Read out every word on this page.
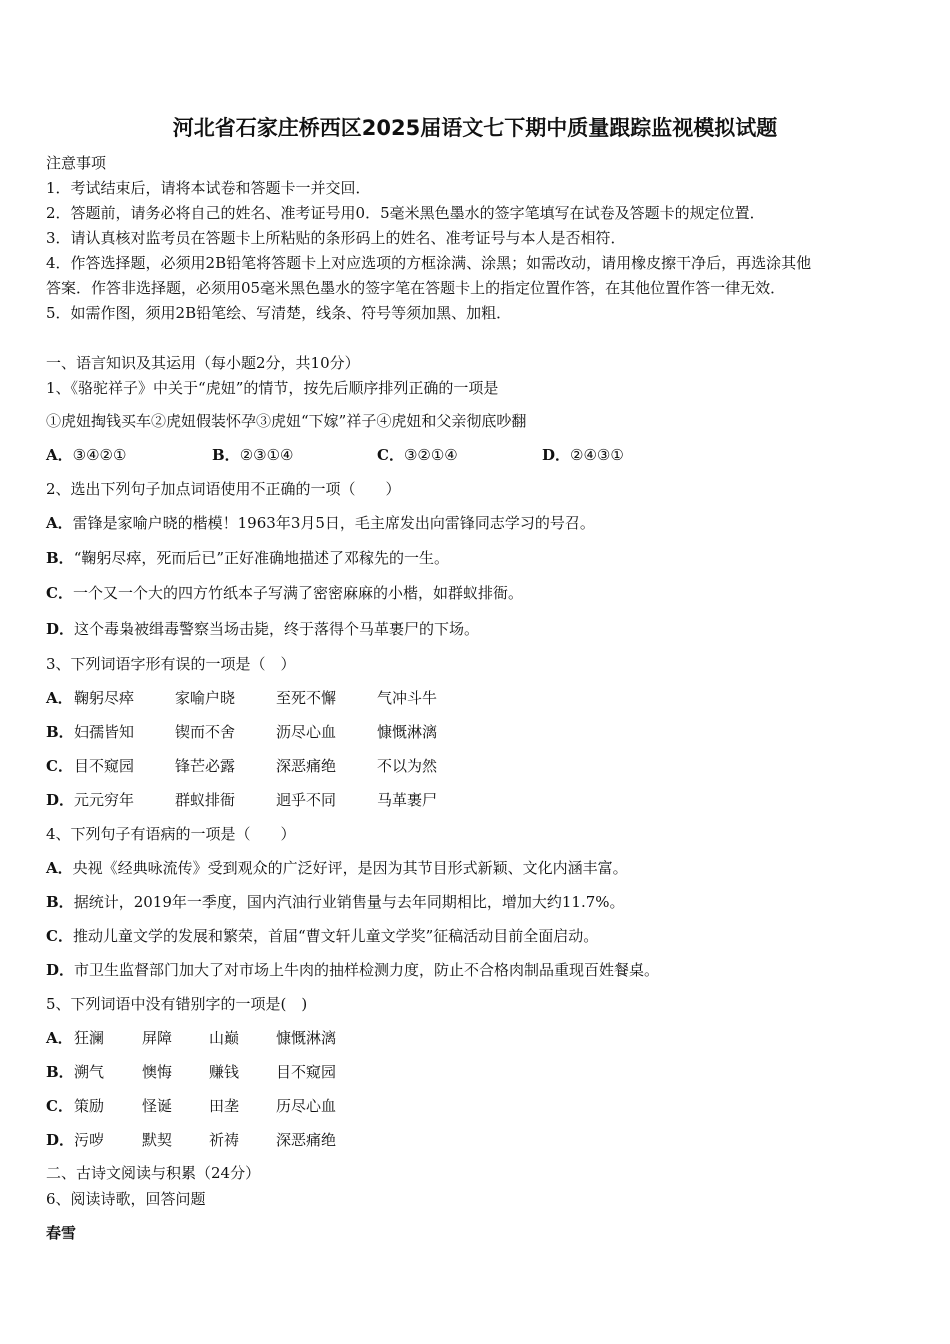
河北省石家庄桥西区2025届语文七下期中质量跟踪监视模拟试题
注意事项
1．考试结束后，请将本试卷和答题卡一并交回．
2．答题前，请务必将自己的姓名、准考证号用0．5毫米黑色墨水的签字笔填写在试卷及答题卡的规定位置．
3．请认真核对监考员在答题卡上所粘贴的条形码上的姓名、准考证号与本人是否相符．
4．作答选择题，必须用2B铅笔将答题卡上对应选项的方框涂满、涂黑；如需改动，请用橡皮擦干净后，再选涂其他
答案．作答非选择题，必须用05毫米黑色墨水的签字笔在答题卡上的指定位置作答，在其他位置作答一律无效．
5．如需作图，须用2B铅笔绘、写清楚，线条、符号等须加黑、加粗．
一、语言知识及其运用（每小题2分，共10分）
1、《骆驼祥子》中关于“虎妞”的情节，按先后顺序排列正确的一项是
①虎妞掏钱买车②虎妞假装怀孕③虎妞“下嫁”祥子④虎妞和父亲彻底吵翻
A．③④②①	B．②③①④	C．③②①④	D．②④③①
2、选出下列句子加点词语使用不正确的一项（　　）
A．雷锋是家喻户晓的楷模！1963年3月5日，毛主席发出向雷锋同志学习的号召。
B．“鞠躬尽瘁，死而后已”正好准确地描述了邓稼先的一生。
C．一个又一个大的四方竹纸本子写满了密密麻麻的小楷，如群蚁排衙。
D．这个毒枭被缉毒警察当场击毙，终于落得个马革裹尸的下场。
3、下列词语字形有误的一项是（　）
A． 鞠躬尽瘁	家喻户晓	至死不懈	气冲斗牛
B． 妇孺皆知	锲而不舍	沥尽心血	慷慨淋漓
C． 目不窥园	锋芒必露	深恶痛绝	不以为然
D． 元元穷年	群蚁排衙	迥乎不同	马革裹尸
4、下列句子有语病的一项是（　　）
A．央视《经典咏流传》受到观众的广泛好评，是因为其节目形式新颖、文化内涵丰富。
B．据统计，2019年一季度，国内汽油行业销售量与去年同期相比，增加大约11.7%。
C．推动儿童文学的发展和繁荣，首届“曹文轩儿童文学奖”征稿活动目前全面启动。
D．市卫生监督部门加大了对市场上牛肉的抽样检测力度，防止不合格肉制品重现百姓餐桌。
5、下列词语中没有错别字的一项是(　)
A． 狂澜	屏障 山巅 慷慨淋漓
B． 溯气	懊悔 赚钱 目不窥园
C． 策励	怪诞 田垄 历尽心血
D． 污哕	默契 祈祷 深恶痛绝
二、古诗文阅读与积累（24分）
6、阅读诗歌，回答问题
春雪
